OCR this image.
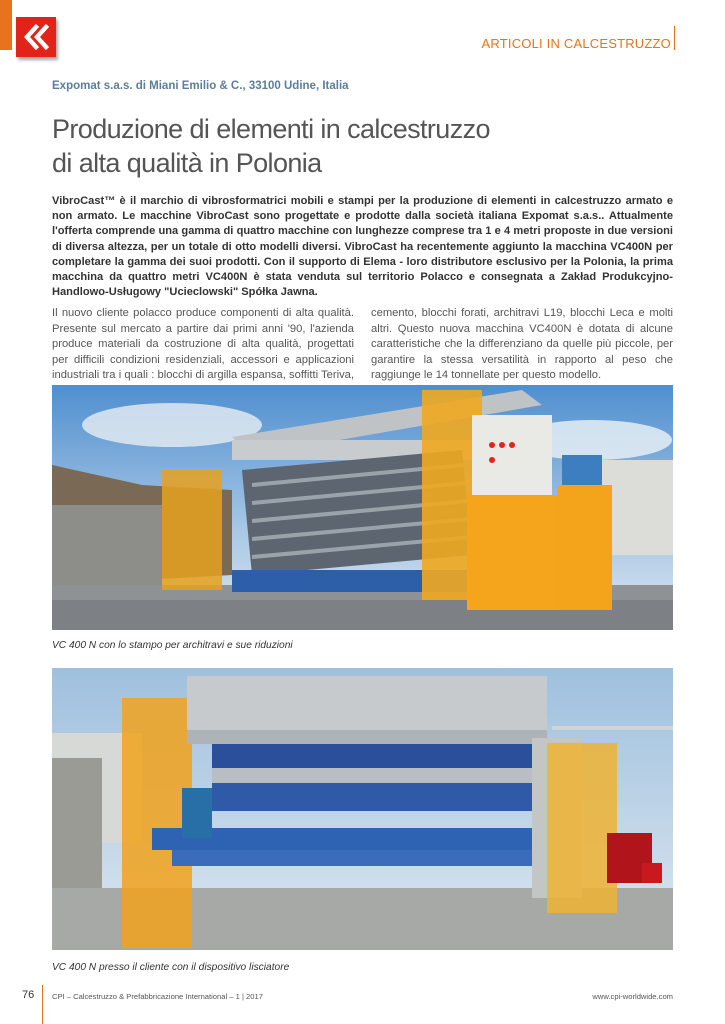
ARTICOLI IN CALCESTRUZZO
Expomat s.a.s. di Miani Emilio & C., 33100 Udine, Italia
Produzione di elementi in calcestruzzo
di alta qualità in Polonia

VibroCast™ è il marchio di vibrosformatrici mobili e stampi per la produzione di elementi in calcestruzzo armato e non armato. Le macchine VibroCast sono progettate e prodotte dalla società italiana Expomat s.a.s.. Attualmente l'offerta comprende una gamma di quattro macchine con lunghezze comprese tra 1 e 4 metri proposte in due versioni di diversa altezza, per un totale di otto modelli diversi. VibroCast ha recentemente aggiunto la macchina VC400N per completare la gamma dei suoi prodotti. Con il supporto di Elema - loro distributore esclusivo per la Polonia, la prima macchina da quattro metri VC400N è stata venduta sul territorio Polacco e consegnata a Zakład Produkcyjno-Handlowo-Usługowy "Ucieclowski" Spółka Jawna.

Il nuovo cliente polacco produce componenti di alta qualità. Presente sul mercato a partire dai primi anni '90, l'azienda produce materiali da costruzione di alta qualità, progettati per difficili condizioni residenziali, accessori e applicazioni industriali tra i quali : blocchi di argilla espansa, soffitti Teriva,

cemento, blocchi forati, architravi L19, blocchi Leca e molti altri. Questo nuova macchina VC400N è dotata di alcune caratteristiche che la differenziano da quelle più piccole, per garantire la stessa versatilità in rapporto al peso che raggiunge le 14 tonnellate per questo modello.

VC 400 N con lo stampo per architravi e sue riduzioni
VC 400 N presso il cliente con il dispositivo lisciatore
76 CPI – Calcestruzzo & Prefabbricazione International – 1 | 2017	www.cpi-worldwide.com
